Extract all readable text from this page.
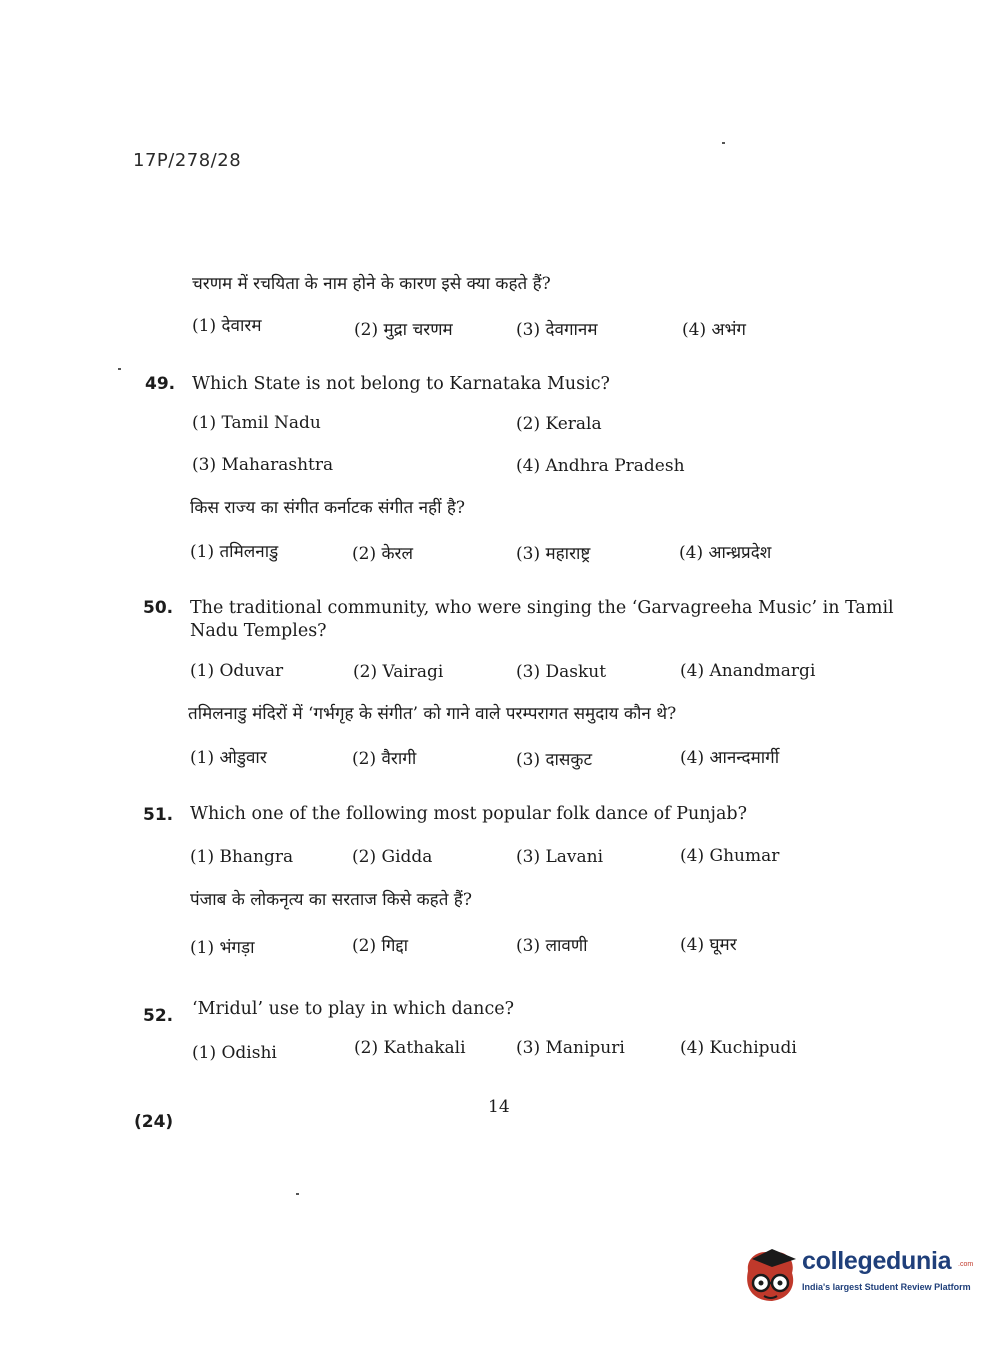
17P/278/28
चरणम में रचयिता के नाम होने के कारण इसे क्या कहते हैं?
(1) देवारम	(2) मुद्रा चरणम	(3) देवगानम	(4) अभंग
49. Which State is not belong to Karnataka Music?
(1) Tamil Nadu	(2) Kerala
(3) Maharashtra	(4) Andhra Pradesh
किस राज्य का संगीत कर्नाटक संगीत नहीं है?
(1) तमिलनाडु	(2) केरल	(3) महाराष्ट्र	(4) आन्ध्रप्रदेश
50. The traditional community, who were singing the ‘Garvagreeha Music’ in Tamil
Nadu Temples?
(1) Oduvar	(2) Vairagi	(3) Daskut	(4) Anandmargi
तमिलनाडु मंदिरों में ‘गर्भगृह के संगीत’ को गाने वाले परम्परागत समुदाय कौन थे?
(1) ओडुवार	(2) वैरागी	(3) दासकुट	(4) आनन्दमार्गी
51. Which one of the following most popular folk dance of Punjab?
(1) Bhangra	(2) Gidda	(3) Lavani	(4) Ghumar
पंजाब के लोकनृत्य का सरताज किसे कहते हैं?
(1) भंगड़ा	(2) गिद्दा	(3) लावणी	(4) घूमर
52. ‘Mridul’ use to play in which dance?
(1) Odishi	(2) Kathakali	(3) Manipuri	(4) Kuchipudi
14
(24)
collegedunia .com
India's largest Student Review Platform
